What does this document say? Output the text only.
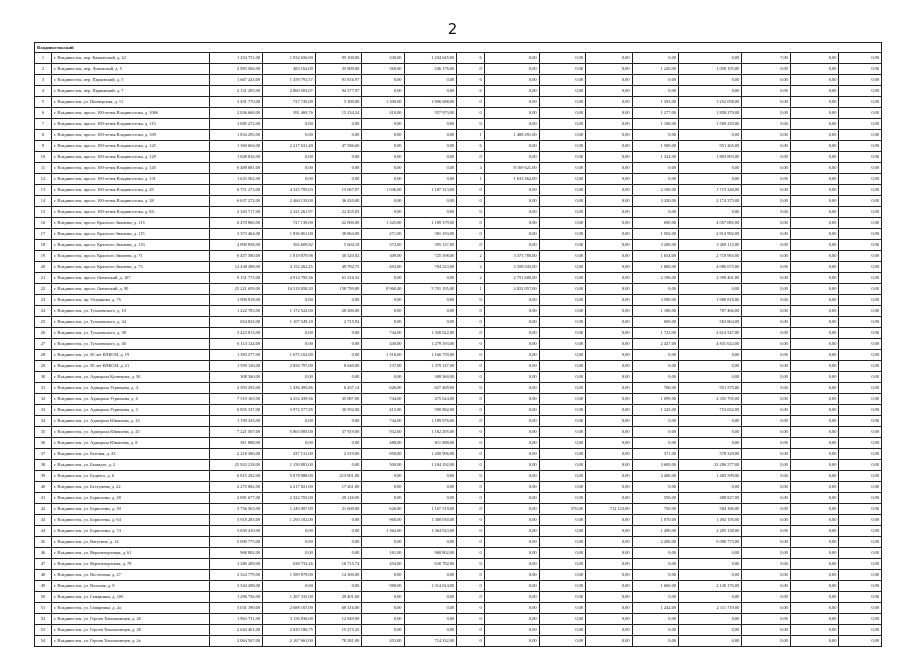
2
Владивостокский															
1	г. Владивосток, пер. Камчатский, д. 22	1 254 751,00	1 032 656,00	95 100,00	330,00	1 234 645,00	6	0,00	0,00	0,00	0,00	0,00	7,00	0,00	0,00
2	г. Владивосток, пер. Липовский, д. 5	2 983 566,00	483 162,00	35 800,00	560,00	546 176,00	0	0,00	0,00	0,00	1 220,00	1 058 195,00	0,00	0,00	0,00
3	г. Владивосток, пер. Парковский, д. 5	1 667 243,00	1 359 791,57	91 816,97	0,00	0,00	6	0,00	0,00	0,00	0,00	0,00	0,00	0,00	0,00
4	г. Владивосток, пер. Парковский, д. 7	2 151 295,00	2 860 503,07	94 577,97	0,00	0,00	6	0,00	0,00	0,00	0,00	0,00	0,00	0,00	0,00
5	г. Владивосток, ул. Пионерская, д. 11	3 491 770,00	727 745,00	5 300,00	1 300,00	1 906 688,00	0	0,00	0,00	0,00	1 393,00	1 252 058,00	0,00	0,00	0,00
6	г. Владивосток, просп. 100-летия Владивостока, д. 106б	2 836 668,00	391 469,76	15 234,24	410,00	557 973,00	0	0,00	0,00	0,00	1 277,00	1 858 279,00	0,00	0,00	0,00
7	г. Владивосток, просп. 100-летия Владивостока, д. 115	1 685 272,00	0,00	0,00	0,00	0,00	0	0,00	0,00	0,00	1 168,00	1 569 235,00	0,00	0,00	0,00
8	г. Владивосток, просп. 100-летия Владивостока, д. 109	1 834 295,00	0,00	0,00	0,00	0,00	1	1 488 291,00	0,00	0,00	0,00	0,00	0,00	0,00	0,00
9	г. Владивосток, просп. 100-летия Владивостока, д. 125	1 369 604,00	2 217 631,40	47 586,60	0,00	0,00	6	0,00	0,00	0,00	1 500,00	951 265,00	0,00	0,00	0,00
10	г. Владивосток, просп. 100-летия Владивостока, д. 129	1 848 816,00	0,00	0,00	0,00	0,00	0	0,00	0,00	0,00	1 324,00	1 803 893,00	0,00	0,00	0,00
11	г. Владивосток, просп. 100-летия Владивостока, д. 145	6 488 681,00	0,00	0,00	0,00	0,00	4	8 169 621,00	0,00	0,00	0,00	0,00	0,00	0,00	0,00
12	г. Владивосток, просп. 100-летия Владивостока, д. 131	1 633 562,00	0,00	0,00	0,00	0,00	1	1 633 562,00	0,00	0,00	0,00	0,00	0,00	0,00	0,00
13	г. Владивосток, просп. 100-летия Владивостока, д. 29	6 751 273,00	4 325 785,03	13 067,97	1 036,00	1 187 313,00	0	0,00	0,00	0,00	2 100,00	1 715 348,00	0,00	0,00	0,00
14	г. Владивосток, просп. 100-летия Владивостока, д. 38	6 637 272,00	2 460 133,00	36 420,00	0,00	0,00	0	0,00	0,00	0,00	3 320,00	2 174 375,00	0,00	0,00	0,00
15	г. Владивосток, просп. 100-летия Владивостока, д. 84	2 343 717,00	2 321 261,97	22 455,03	0,00	0,00	0	0,00	0,00	0,00	0,00	0,00	0,00	0,00	0,00
16	г. Владивосток, просп. Красного Знамени, д. 113	6 470 860,00	727 139,00	22 000,00	1 325,00	1 189 379,00	0	0,00	0,00	0,00	690,00	4 057 085,00	0,00	0,00	0,00
17	г. Владивосток, просп. Красного Знамени, д. 115	3 373 464,00	1 836 861,00	38 864,00	271,00	381 193,00	0	0,00	0,00	0,00	1 502,00	2 914 992,00	0,00	0,00	0,00
18	г. Владивосток, просп. Красного Знамени, д. 133	4 890 858,00	392 609,82	5 604,18	372,00	395 137,00	0	0,00	0,00	0,00	3 200,00	3 269 115,00	0,00	0,00	0,00
19	г. Владивосток, просп. Красного Знамени, д. 71	6 457 580,00	1 819 879,98	30 320,02	309,00	725 198,00	2	3 373 780,00	0,00	0,00	1 654,00	2 718 983,00	0,00	0,00	0,00
20	г. Владивосток, просп. Красного Знамени, д. 73	12 438 388,00	4 152 262,25	49 782,75	493,00	784 223,00	2	3 358 043,00	0,00	0,00	1 800,00	4 086 675,00	0,00	0,00	0,00
21	г. Владивосток, просп. Океанский, д. 107	9 151 773,00	4 914 795,36	61 216,34	0,00	0,00	2	2 751 600,00	0,00	0,00	2 190,00	2 399 401,00	0,00	0,00	0,00
22	г. Владивосток, просп. Океанский, д. 90	25 221 659,00	16 518 858,20	158 799,80	8 960,40	5 701 195,00	1	4 822 957,00	0,00	0,00	0,00	0,00	0,00	0,00	0,00
23	г. Владивосток, пр. Острякова, д. 7б	1 900 818,00	0,00	0,00	0,00	0,00	0	0,00	0,00	0,00	3 500,00	1 900 818,00	0,00	0,00	0,00
24	г. Владивосток, ул. Тухачевского, д. 10	1 222 783,00	1 172 522,00	28 280,00	0,00	0,00	0	0,00	0,00	0,00	1 180,00	787 466,00	0,00	0,00	0,00
25	г. Владивосток, ул. Тухачевского, д. 34	654 823,00	1 107 549,18	2 715,92	0,00	0,00	0	0,00	0,00	0,00	600,00	563 864,00	0,00	0,00	0,00
26	г. Владивосток, ул. Тухачевского, д. 38	3 423 813,00	0,00	0,00	744,00	1 358 022,00	0	0,00	0,00	0,00	1 723,00	2 614 547,00	0,00	0,00	0,00
27	г. Владивосток, ул. Тухачевского, д. 40	6 114 124,00	0,00	0,00	430,00	1 279 193,00	0	0,00	0,00	0,00	2 427,00	4 831 022,00	0,00	0,00	0,00
28	г. Владивосток, ул. 50 лет ВЛКСМ, д. 19	1 383 577,00	1 675 102,00	0,00	1 318,00	1 166 759,00	0	0,00	0,00	0,00	0,00	0,00	0,00	0,00	0,00
29	г. Владивосток, ул. 50 лет ВЛКСМ, д. 21	1 599 126,00	2 856 797,00	8 640,00	137,00	1 379 127,00	0	0,00	0,00	0,00	0,00	0,00	0,00	0,00	0,00
30	г. Владивосток, ул. Адмирала Кузнецова, д. 30	308 360,00	0,00	0,00	0,00	308 360,00	0	0,00	0,00	0,00	0,00	0,00	0,00	0,00	0,00
31	г. Владивосток, ул. Адмирала Угрюмова, д. 4	2 593 293,00	1 436 495,86	6 437,14	626,00	827 469,00	0	0,00	0,00	0,00	760,00	951 575,00	0,00	0,00	0,00
32	г. Владивосток, ул. Адмирала Угрюмова, д. 6	7 519 165,00	4 252 439,56	35 087,00	744,00	475 624,00	0	0,00	0,00	0,00	1 099,00	2 355 795,00	0,00	0,00	0,00
33	г. Владивосток, ул. Адмирала Угрюмова, д. 3	6 855 337,00	3 972 577,85	30 592,00	415,00	590 882,00	0	0,00	0,00	0,00	1 325,00	753 652,00	0,00	0,00	0,00
34	г. Владивосток, ул. Адмирала Юмашева, д. 23	1 199 343,00	0,00	0,00	744,00	1 189 976,00	0	0,00	0,00	0,00	0,00	0,00	0,00	0,00	0,00
35	г. Владивосток, ул. Адмирала Юмашева, д. 25	7 221 567,00	5 863 085,00	37 919,00	932,00	1 162 295,00	0	0,00	0,00	0,00	0,00	0,00	0,00	0,00	0,00
36	г. Владивосток, ул. Адмирала Юмашева, д. 8	811 888,00	0,00	0,00	488,00	811 888,00	0	0,00	0,00	0,00	0,00	0,00	0,00	0,00	0,00
37	г. Владивосток, ул. Беговая, д. 23	2 218 366,00	437 131,00	2 519,00	858,00	1 200 996,00	0	0,00	0,00	0,00	371,00	578 329,00	0,00	0,00	0,00
38	г. Владивосток, ул. Башидзе, д. 2	25 923 218,00	1 150 881,00	0,00	500,00	1 184 192,00	0	0,00	0,00	0,00	3 600,00	23 286 577,00	0,00	0,00	0,00
39	г. Владивосток, ул. Бедного, д. 6	6 815 292,00	5 078 988,00	213 901,00	0,00	0,00	0	0,00	0,00	0,00	2 400,00	1 483 599,00	0,00	0,00	0,00
40	г. Владивосток, ул. Бестужева, д. 22	2 275 082,00	2 217 821,00	17 261,00	0,00	0,00	0	0,00	0,00	0,00	0,00	0,00	0,00	0,00	0,00
41	г. Владивосток, ул. Борисенко, д. 28	2 881 677,00	2 322 703,00	29 126,00	0,00	0,00	0	0,00	0,00	0,00	550,00	488 827,00	0,00	0,00	0,00
42	г. Владивосток, ул. Борисенко, д. 30	3 756 563,00	1 249 087,00	21 600,00	626,00	1 167 519,00	0	0,00	576,00	712 123,00	750,00	584 186,00	0,00	0,00	0,00
43	г. Владивосток, ул. Борисенко, д. 64	3 918 283,00	1 293 102,00	0,00	960,00	1 388 030,00	0	0,00	0,00	0,00	1 070,00	1 492 195,00	0,00	0,00	0,00
44	г. Владивосток, ул. Борисенко, д. 74	3 650 410,00	0,00	0,00	1 364,00	1 364 923,00	0	0,00	0,00	0,00	1 490,00	2 285 138,00	0,00	0,00	0,00
45	г. Владивосток, ул. Ватутина, д. 14	5 090 775,00	0,00	0,00	0,00	0,00	0	0,00	0,00	0,00	2 200,00	5 090 775,00	0,00	0,00	0,00
46	г. Владивосток, ул. Верхнепортовая, д. 61	968 802,00	0,00	0,00	161,00	968 802,00	0	0,00	0,00	0,00	0,00	0,00	0,00	0,00	0,00
47	г. Владивосток, ул. Верхнепортовая, д. 78	1 286 269,00	638 733,26	16 715,74	454,00	630 782,00	0	0,00	0,00	0,00	0,00	0,00	0,00	0,00	0,00
48	г. Владивосток, ул. Восточная, д. 27	3 524 779,00	1 589 879,00	14 300,00	0,00	0,00	0	0,00	0,00	0,00	0,00	0,00	0,00	0,00	0,00
49	г. Владивосток, ул. Вольная, д. 8	3 544 208,00	0,00	0,00	988,00	1 314 024,00	0	0,00	0,00	0,00	1 660,00	2 130 176,00	0,00	0,00	0,00
50	г. Владивосток, ул. Гамарника, д. 10б	1 296 736,00	1 267 335,00	29 401,00	0,00	0,00	0	0,00	0,00	0,00	0,00	0,00	0,00	0,00	0,00
51	г. Владивосток, ул. Гамарника, д. 2а	3 031 190,00	2 688 167,00	68 316,00	0,00	0,00	0	0,00	0,00	0,00	1 242,00	2 111 719,00	0,00	0,00	0,00
52	г. Владивосток, ул. Героев Тихоокеанцев, д. 26	1 963 731,00	3 156 836,00	12 849,00	0,00	0,00	0	0,00	0,00	0,00	0,00	0,00	0,00	0,00	0,00
53	г. Владивосток, ул. Героев Тихоокеанцев, д. 28	2 044 461,00	2 029 186,75	15 275,25	0,00	0,00	0	0,00	0,00	0,00	0,00	0,00	0,00	0,00	0,00
54	г. Владивосток, ул. Героев Тихоокеанцев, д. 2а	2 064 567,00	2 167 661,00	78 281,00	453,00	714 332,00	0	0,00	0,00	0,00	0,00	0,00	0,00	0,00	0,00
